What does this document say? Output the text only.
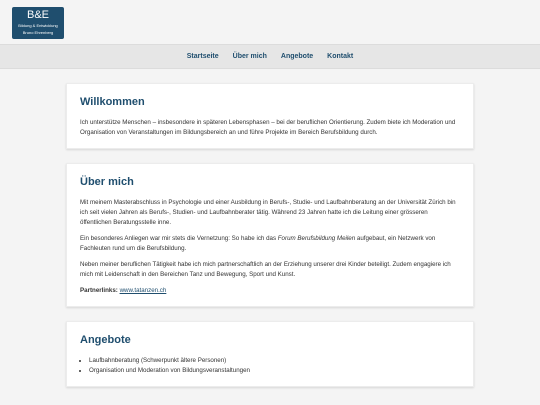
B&E
Bildung & Entwicklung
Bruno Ehrenberg
Startseite Über mich Angebote Kontakt
Willkommen

Ich unterstütze Menschen – insbesondere in späteren Lebensphasen – bei der beruflichen Orientierung. Zudem biete ich Moderation und Organisation von Veranstaltungen im Bildungsbereich an und führe Projekte im Bereich Berufsbildung durch.

Über mich

Mit meinem Masterabschluss in Psychologie und einer Ausbildung in Berufs-, Studie- und Laufbahnberatung an der Universität Zürich bin ich seit vielen Jahren als Berufs-, Studien- und Laufbahnberater tätig. Während 23 Jahren hatte ich die Leitung einer grösseren öffentlichen Beratungsstelle inne.

Ein besonderes Anliegen war mir stets die Vernetzung: So habe ich das Forum Berufsbildung Meilen aufgebaut, ein Netzwerk von Fachleuten rund um die Berufsbildung.

Neben meiner beruflichen Tätigkeit habe ich mich partnerschaftlich an der Erziehung unserer drei Kinder beteiligt. Zudem engagiere ich mich mit Leidenschaft in den Bereichen Tanz und Bewegung, Sport und Kunst.

Partnerlinks: www.tatanzen.ch

Angebote
• Laufbahnberatung (Schwerpunkt ältere Personen)
• Organisation und Moderation von Bildungsveranstaltungen
